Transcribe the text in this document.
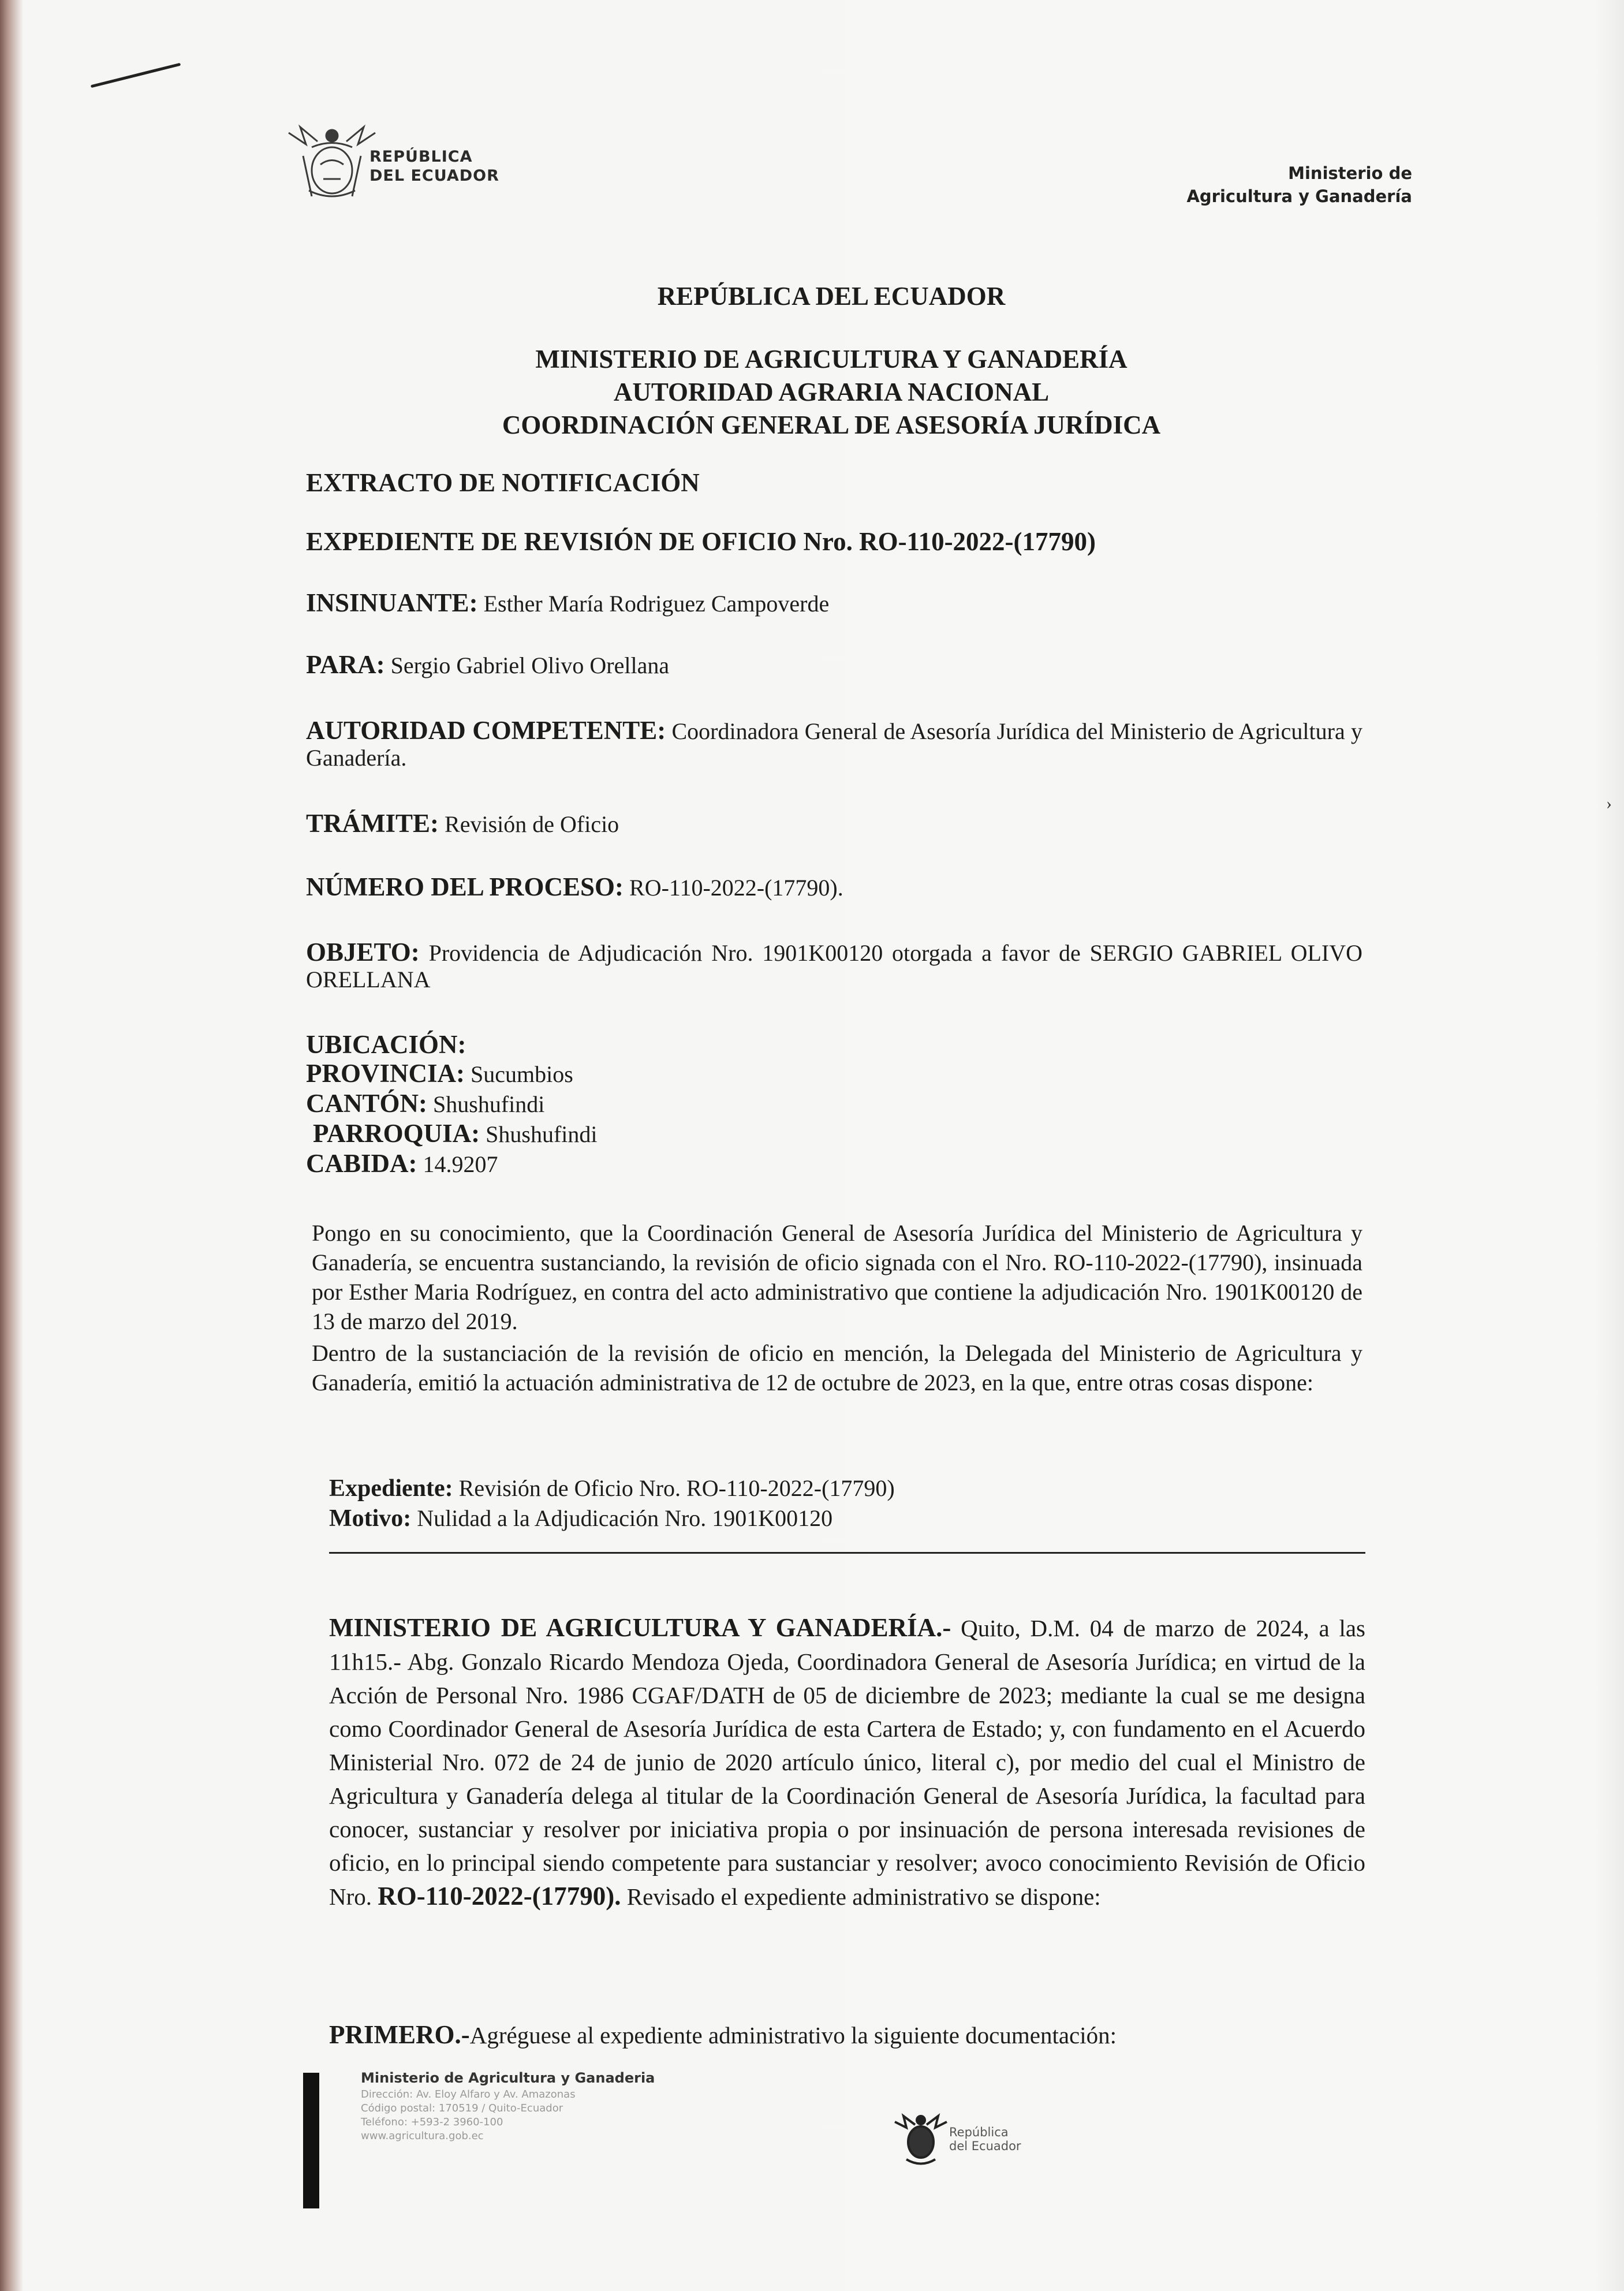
›
REPÚBLICA
DEL ECUADOR	Ministerio de
Agricultura y Ganadería
REPÚBLICA DEL ECUADOR
MINISTERIO DE AGRICULTURA Y GANADERÍA
AUTORIDAD AGRARIA NACIONAL
COORDINACIÓN GENERAL DE ASESORÍA JURÍDICA
EXTRACTO DE NOTIFICACIÓN
EXPEDIENTE DE REVISIÓN DE OFICIO Nro. RO-110-2022-(17790)
INSINUANTE: Esther María Rodriguez Campoverde
PARA: Sergio Gabriel Olivo Orellana
AUTORIDAD COMPETENTE: Coordinadora General de Asesoría Jurídica del Ministerio de Agricultura y Ganadería.
TRÁMITE: Revisión de Oficio
NÚMERO DEL PROCESO: RO-110-2022-(17790).
OBJETO: Providencia de Adjudicación Nro. 1901K00120 otorgada a favor de SERGIO GABRIEL OLIVO ORELLANA
UBICACIÓN:
PROVINCIA: Sucumbios
CANTÓN: Shushufindi
PARROQUIA: Shushufindi
CABIDA: 14.9207
Pongo en su conocimiento, que la Coordinación General de Asesoría Jurídica del Ministerio de Agricultura y Ganadería, se encuentra sustanciando, la revisión de oficio signada con el Nro. RO-110-2022-(17790), insinuada por Esther Maria Rodríguez, en contra del acto administrativo que contiene la adjudicación Nro. 1901K00120 de 13 de marzo del 2019.
Dentro de la sustanciación de la revisión de oficio en mención, la Delegada del Ministerio de Agricultura y Ganadería, emitió la actuación administrativa de 12 de octubre de 2023, en la que, entre otras cosas dispone:
Expediente: Revisión de Oficio Nro. RO-110-2022-(17790)
Motivo: Nulidad a la Adjudicación Nro. 1901K00120
MINISTERIO DE AGRICULTURA Y GANADERÍA.- Quito, D.M. 04 de marzo de 2024, a las 11h15.- Abg. Gonzalo Ricardo Mendoza Ojeda, Coordinadora General de Asesoría Jurídica; en virtud de la Acción de Personal Nro. 1986 CGAF/DATH de 05 de diciembre de 2023; mediante la cual se me designa como Coordinador General de Asesoría Jurídica de esta Cartera de Estado; y, con fundamento en el Acuerdo Ministerial Nro. 072 de 24 de junio de 2020 artículo único, literal c), por medio del cual el Ministro de Agricultura y Ganadería delega al titular de la Coordinación General de Asesoría Jurídica, la facultad para conocer, sustanciar y resolver por iniciativa propia o por insinuación de persona interesada revisiones de oficio, en lo principal siendo competente para sustanciar y resolver; avoco conocimiento Revisión de Oficio Nro. RO-110-2022-(17790). Revisado el expediente administrativo se dispone:
PRIMERO.-Agréguese al expediente administrativo la siguiente documentación:
Ministerio de Agricultura y Ganaderia
Dirección: Av. Eloy Alfaro y Av. Amazonas
Código postal: 170519 / Quito-Ecuador
Teléfono: +593-2 3960-100
www.agricultura.gob.ec	República
del Ecuador
